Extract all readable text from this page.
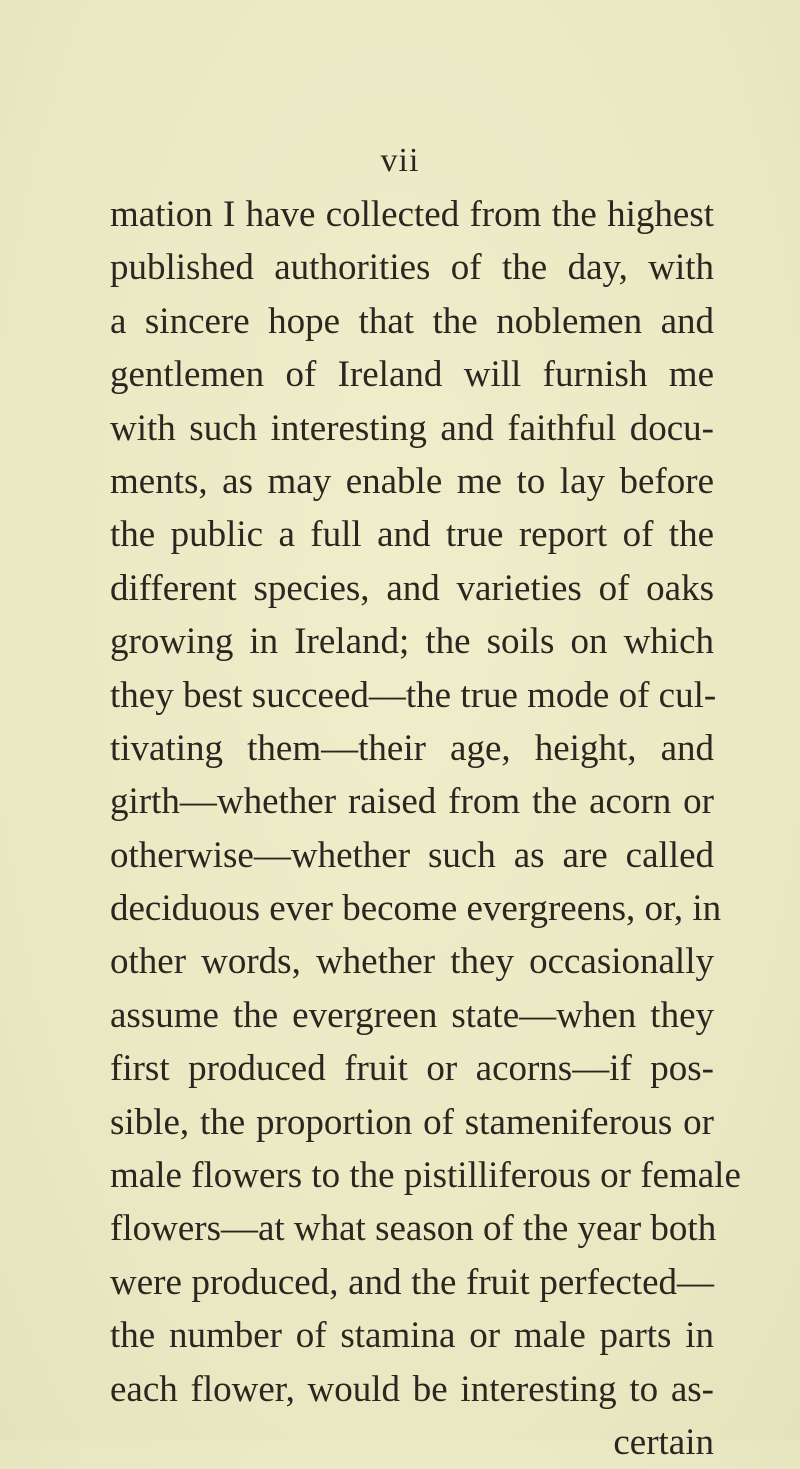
vii
mation I have collected from the highest
published authorities of the day, with
a sincere hope that the noblemen and
gentlemen of Ireland will furnish me
with such interesting and faithful docu-
ments, as may enable me to lay before
the public a full and true report of the
different species, and varieties of oaks
growing in Ireland; the soils on which
they best succeed—the true mode of cul-
tivating them—their age, height, and
girth—whether raised from the acorn or
otherwise—whether such as are called
deciduous ever become evergreens, or, in
other words, whether they occasionally
assume the evergreen state—when they
first produced fruit or acorns—if pos-
sible, the proportion of stameniferous or
male flowers to the pistilliferous or female
flowers—at what season of the year both
were produced, and the fruit perfected—
the number of stamina or male parts in
each flower, would be interesting to as-
certain
